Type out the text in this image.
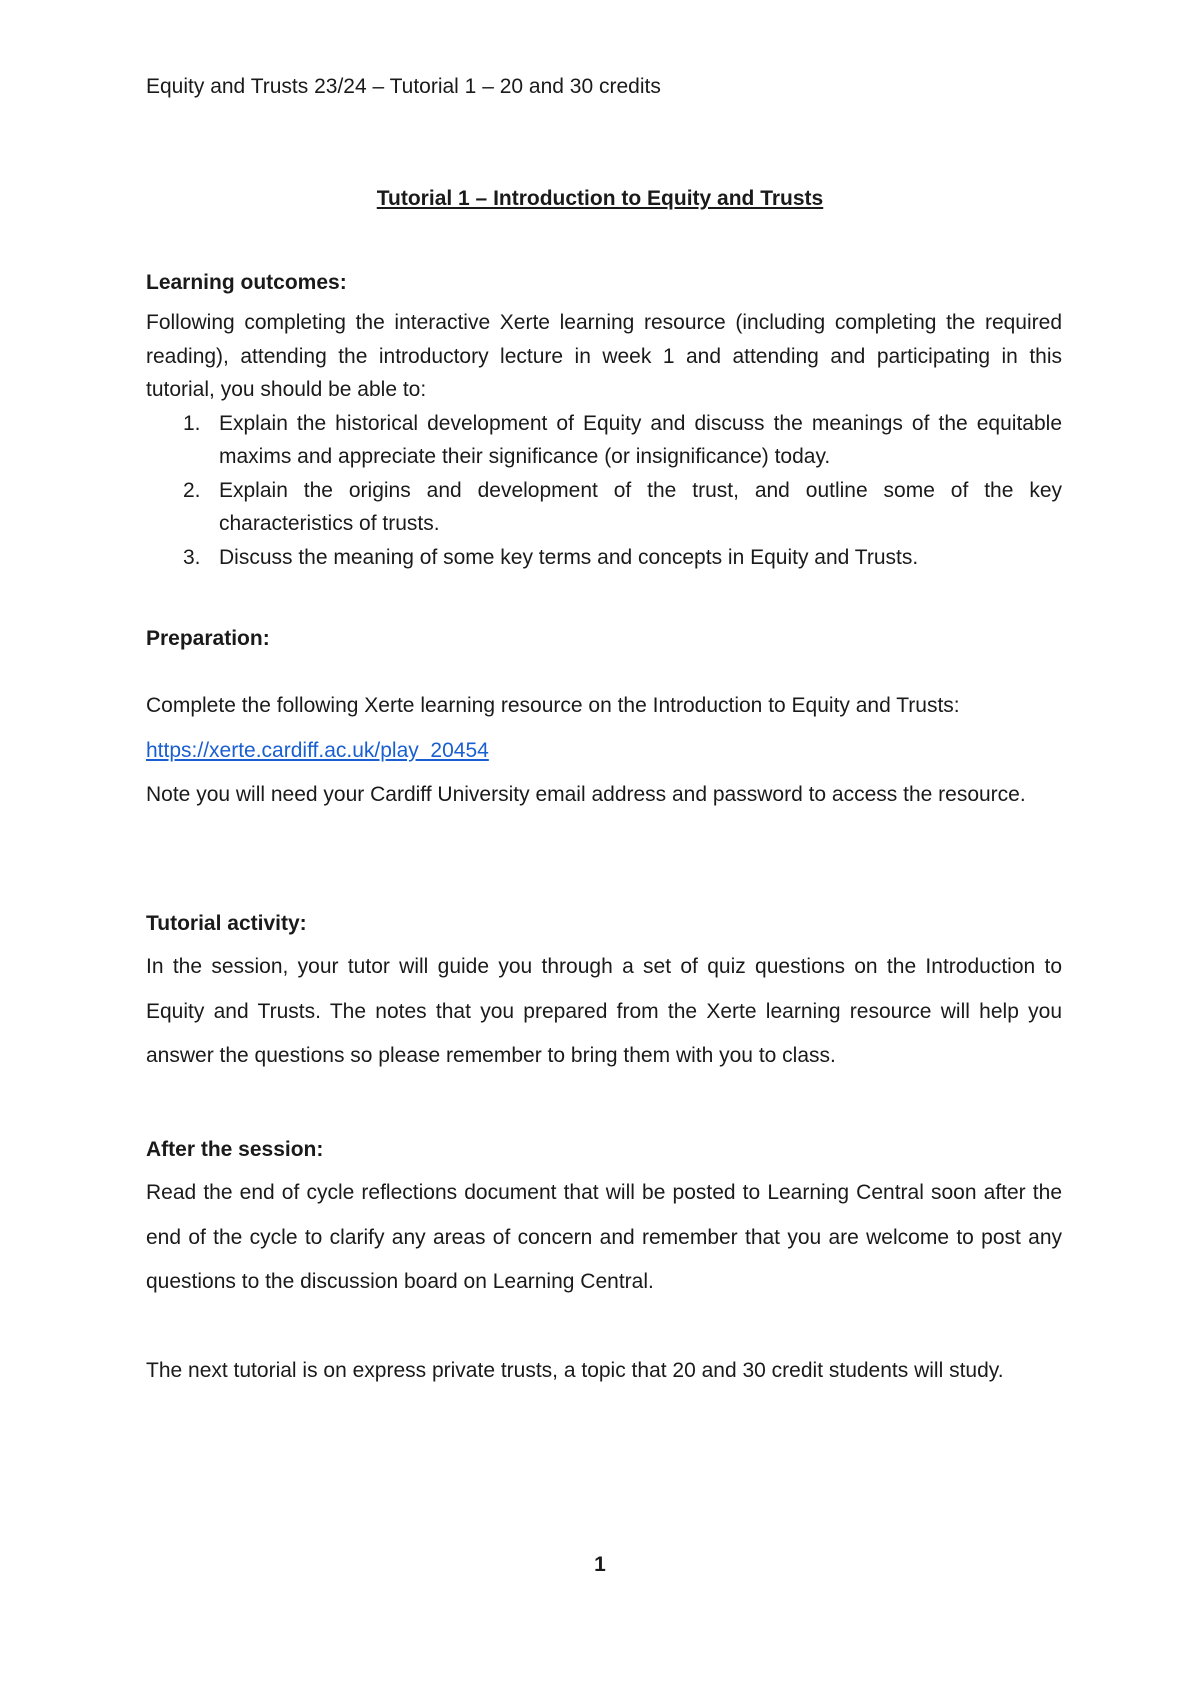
Equity and Trusts 23/24 – Tutorial 1 – 20 and 30 credits
Tutorial 1 – Introduction to Equity and Trusts
Learning outcomes:
Following completing the interactive Xerte learning resource (including completing the required reading), attending the introductory lecture in week 1 and attending and participating in this tutorial, you should be able to:
1. Explain the historical development of Equity and discuss the meanings of the equitable maxims and appreciate their significance (or insignificance) today.
2. Explain the origins and development of the trust, and outline some of the key characteristics of trusts.
3. Discuss the meaning of some key terms and concepts in Equity and Trusts.
Preparation:
Complete the following Xerte learning resource on the Introduction to Equity and Trusts:
https://xerte.cardiff.ac.uk/play_20454
Note you will need your Cardiff University email address and password to access the resource.
Tutorial activity:
In the session, your tutor will guide you through a set of quiz questions on the Introduction to Equity and Trusts. The notes that you prepared from the Xerte learning resource will help you answer the questions so please remember to bring them with you to class.
After the session:
Read the end of cycle reflections document that will be posted to Learning Central soon after the end of the cycle to clarify any areas of concern and remember that you are welcome to post any questions to the discussion board on Learning Central.
The next tutorial is on express private trusts, a topic that 20 and 30 credit students will study.
1
